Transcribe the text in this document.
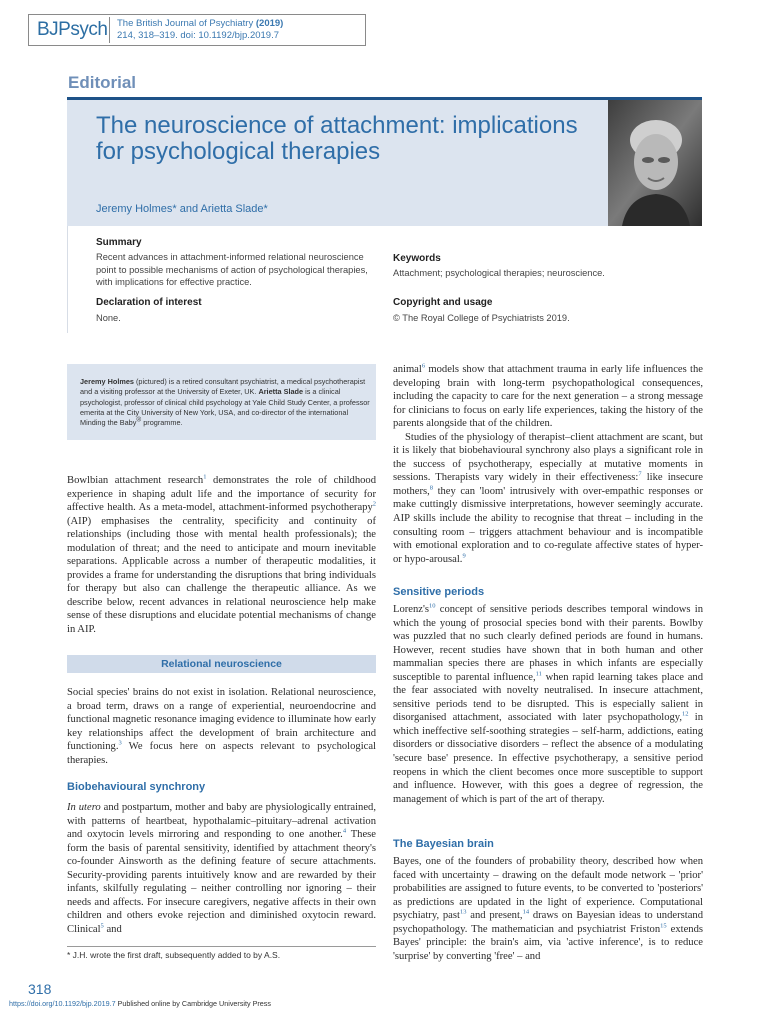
BJPsych The British Journal of Psychiatry (2019)
214, 318–319. doi: 10.1192/bjp.2019.7
Editorial
The neuroscience of attachment: implications for psychological therapies
Jeremy Holmes* and Arietta Slade*
Summary
Recent advances in attachment-informed relational neuroscience point to possible mechanisms of action of psychological therapies, with implications for effective practice.
Keywords
Attachment; psychological therapies; neuroscience.
Declaration of interest
None.
Copyright and usage
© The Royal College of Psychiatrists 2019.
Jeremy Holmes (pictured) is a retired consultant psychiatrist, a medical psychotherapist and a visiting professor at the University of Exeter, UK. Arietta Slade is a clinical psychologist, professor of clinical child psychology at Yale Child Study Center, a professor emerita at the City University of New York, USA, and co-director of the international Minding the Baby® programme.

Bowlbian attachment research$^1$ demonstrates the role of childhood experience in shaping adult life and the importance of security for affective health. As a meta-model, attachment-informed psychotherapy$^2$ (AIP) emphasises the centrality, specificity and continuity of relationships (including those with mental health professionals); the modulation of threat; and the need to anticipate and mourn inevitable separations. Applicable across a number of therapeutic modalities, it provides a frame for understanding the disruptions that bring individuals for therapy but also can challenge the therapeutic alliance. As we describe below, recent advances in relational neuroscience help make sense of these disruptions and elucidate potential mechanisms of change in AIP.

Relational neuroscience

Social species' brains do not exist in isolation. Relational neuroscience, a broad term, draws on a range of experiential, neuroendocrine and functional magnetic resonance imaging evidence to illuminate how early key relationships affect the development of brain architecture and functioning.$^3$ We focus here on aspects relevant to psychological therapies.

Biobehavioural synchrony

In utero and postpartum, mother and baby are physiologically entrained, with patterns of heartbeat, hypothalamic–pituitary–adrenal activation and oxytocin levels mirroring and responding to one another.$^4$ These form the basis of parental sensitivity, identified by attachment theory's co-founder Ainsworth as the defining feature of secure attachments. Security-providing parents intuitively know and are rewarded by their infants, skilfully regulating – neither controlling nor ignoring – their needs and affects. For insecure caregivers, negative affects in their own children and others evoke rejection and diminished oxytocin reward. Clinical$^5$ and

* J.H. wrote the first draft, subsequently added to by A.S.

animal$^6$ models show that attachment trauma in early life influences the developing brain with long-term psychopathological consequences, including the capacity to care for the next generation – a strong message for clinicians to focus on early life experiences, taking the history of the parents alongside that of the children.

Studies of the physiology of therapist–client attachment are scant, but it is likely that biobehavioural synchrony also plays a significant role in the success of psychotherapy, especially at mutative moments in sessions. Therapists vary widely in their effectiveness:$^7$ like insecure mothers,$^8$ they can 'loom' intrusively with over-empathic responses or make cuttingly dismissive interpretations, however seemingly accurate. AIP skills include the ability to recognise that threat – including in the consulting room – triggers attachment behaviour and is incompatible with emotional exploration and to co-regulate affective states of hyper- or hypo-arousal.$^9$

Sensitive periods

$Lorenz's^{10}$ concept of sensitive periods describes temporal windows in which the young of prosocial species bond with their parents. Bowlby was puzzled that no such clearly defined periods are found in humans. However, recent studies have shown that in both human and other mammalian species there are phases in which infants are especially susceptible to parental influence,$^{11}$ when rapid learning takes place and the fear associated with novelty neutralised. In insecure attachment, sensitive periods tend to be disrupted. This is especially salient in disorganised attachment, associated with later psychopathology,$^{12}$ in which ineffective self-soothing strategies – self-harm, addictions, eating disorders or dissociative disorders – reflect the absence of a modulating 'secure base' presence. In effective psychotherapy, a sensitive period reopens in which the client becomes once more susceptible to support and influence. However, with this goes a degree of regression, the management of which is part of the art of therapy.

The Bayesian brain

Bayes, one of the founders of probability theory, described how when faced with uncertainty – drawing on the default mode network – 'prior' probabilities are assigned to future events, to be converted to 'posteriors' as predictions are updated in the light of experience. Computational psychiatry, past$^{13}$ and present,$^{14}$ draws on Bayesian ideas to understand psychopathology. The mathematician and psychiatrist Friston$^{15}$ extends Bayes' principle: the brain's aim, via 'active inference', is to reduce 'surprise' by converting 'free' – and

318
https://doi.org/10.1192/bjp.2019.7 Published online by Cambridge University Press
